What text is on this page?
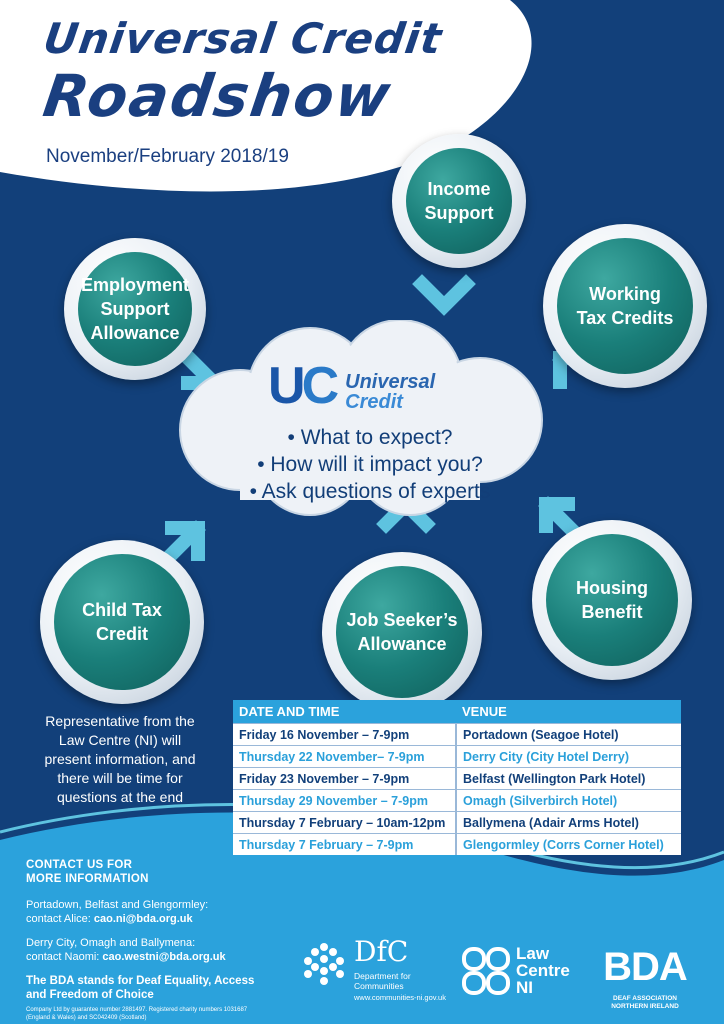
Universal Credit
Roadshow
November/February 2018/19
UC Universal
Credit
• What to expect?
• How will it impact you?
• Ask questions of experts
Income Support
Employment
Support
Allowance
Working
Tax Credits
Child Tax
Credit
Job Seeker’s
Allowance
Housing
Benefit
Representative from the Law Centre (NI) will present information, and there will be time for questions at the end
DATE AND TIME	VENUE
Friday 16 November – 7-9pm	Portadown (Seagoe Hotel)
Thursday 22 November– 7-9pm	Derry City (City Hotel Derry)
Friday 23 November – 7-9pm	Belfast (Wellington Park Hotel)
Thursday 29 November – 7-9pm	Omagh (Silverbirch Hotel)
Thursday 7 February – 10am-12pm	Ballymena (Adair Arms Hotel)
Thursday 7 February – 7-9pm	Glengormley (Corrs Corner Hotel)

CONTACT US FOR
MORE INFORMATION

Portadown, Belfast and Glengormley:
contact Alice: cao.ni@bda.org.uk

Derry City, Omagh and Ballymena:
contact Naomi: cao.westni@bda.org.uk

The BDA stands for Deaf Equality, Access and Freedom of Choice

Company Ltd by guarantee number 2881497. Registered charity numbers 1031687 (England & Wales) and SC042409 (Scotland)

DfC
Department for Communities
www.communities-ni.gov.uk
Law
Centre
NI	BDA
DEAF ASSOCIATION
NORTHERN IRELAND
